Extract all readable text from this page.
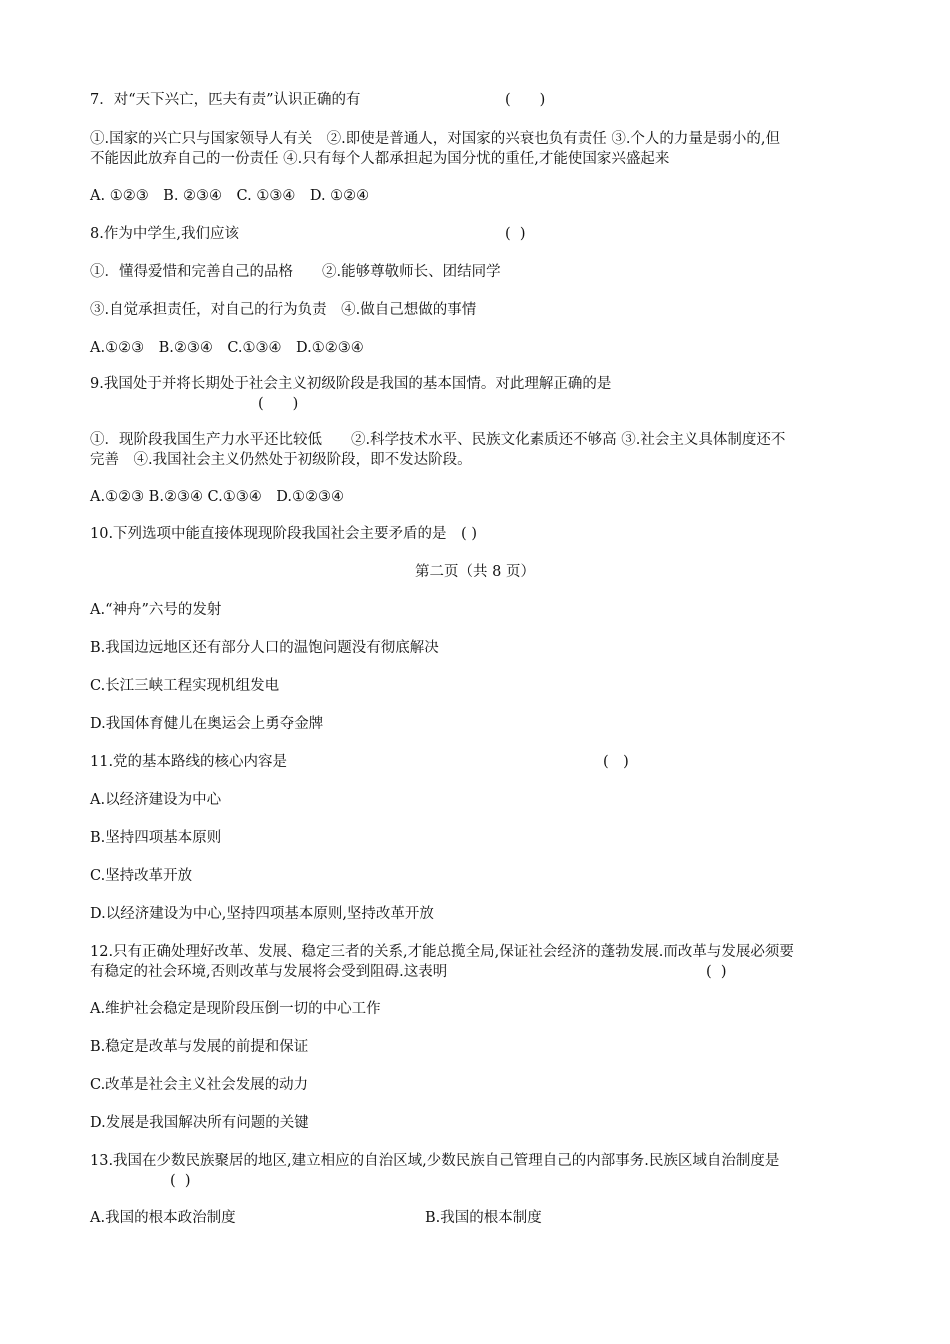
7．对“天下兴亡，匹夫有责”认识正确的有	(　　)
①.国家的兴亡只与国家领导人有关　②.即使是普通人，对国家的兴衰也负有责任 ③.个人的力量是弱小的,但
不能因此放弃自己的一份责任 ④.只有每个人都承担起为国分忧的重任,才能使国家兴盛起来
A. ①②③　B. ②③④　C. ①③④　D. ①②④
8.作为中学生,我们应该	(  )
①．懂得爱惜和完善自己的品格　　②.能够尊敬师长、团结同学
③.自觉承担责任，对自己的行为负责　④.做自己想做的事情
A.①②③　B.②③④　C.①③④　D.①②③④
9.我国处于并将长期处于社会主义初级阶段是我国的基本国情。对此理解正确的是
(　　)
①．现阶段我国生产力水平还比较低　　②.科学技术水平、民族文化素质还不够高 ③.社会主义具体制度还不
完善　④.我国社会主义仍然处于初级阶段，即不发达阶段。
A.①②③ B.②③④ C.①③④　D.①②③④
10.下列选项中能直接体现现阶段我国社会主要矛盾的是　( )
第二页（共 8 页）
A.“神舟”六号的发射
B.我国边远地区还有部分人口的温饱问题没有彻底解决
C.长江三峡工程实现机组发电
D.我国体育健儿在奥运会上勇夺金牌
11.党的基本路线的核心内容是	(　)
A.以经济建设为中心
B.坚持四项基本原则
C.坚持改革开放
D.以经济建设为中心,坚持四项基本原则,坚持改革开放
12.只有正确处理好改革、发展、稳定三者的关系,才能总揽全局,保证社会经济的蓬勃发展.而改革与发展必须要
有稳定的社会环境,否则改革与发展将会受到阻碍.这表明	(  )
A.维护社会稳定是现阶段压倒一切的中心工作
B.稳定是改革与发展的前提和保证
C.改革是社会主义社会发展的动力
D.发展是我国解决所有问题的关键
13.我国在少数民族聚居的地区,建立相应的自治区域,少数民族自己管理自己的内部事务.民族区域自治制度是
(  )
A.我国的根本政治制度	B.我国的根本制度
